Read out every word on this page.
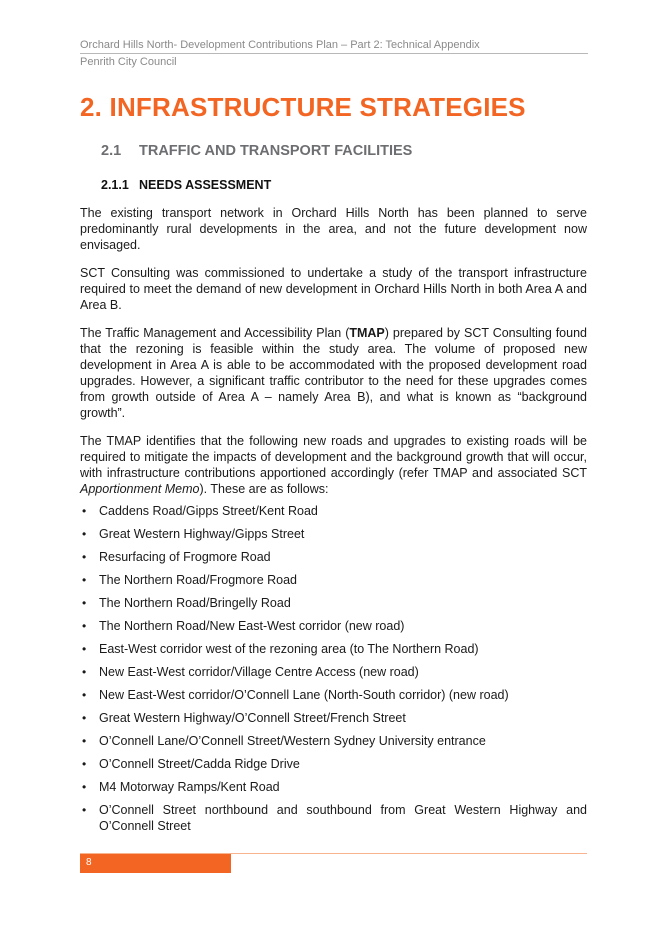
Orchard Hills North- Development Contributions Plan – Part 2: Technical Appendix
Penrith City Council
2. INFRASTRUCTURE STRATEGIES
2.1 TRAFFIC AND TRANSPORT FACILITIES
2.1.1 NEEDS ASSESSMENT

The existing transport network in Orchard Hills North has been planned to serve predominantly rural developments in the area, and not the future development now envisaged.

SCT Consulting was commissioned to undertake a study of the transport infrastructure required to meet the demand of new development in Orchard Hills North in both Area A and Area B.

The Traffic Management and Accessibility Plan (TMAP) prepared by SCT Consulting found that the rezoning is feasible within the study area. The volume of proposed new development in Area A is able to be accommodated with the proposed development road upgrades. However, a significant traffic contributor to the need for these upgrades comes from growth outside of Area A – namely Area B), and what is known as “background growth”.

The TMAP identifies that the following new roads and upgrades to existing roads will be required to mitigate the impacts of development and the background growth that will occur, with infrastructure contributions apportioned accordingly (refer TMAP and associated SCT Apportionment Memo). These are as follows:

• Caddens Road/Gipps Street/Kent Road
• Great Western Highway/Gipps Street
• Resurfacing of Frogmore Road
• The Northern Road/Frogmore Road
• The Northern Road/Bringelly Road
• The Northern Road/New East-West corridor (new road)
• East-West corridor west of the rezoning area (to The Northern Road)
• New East-West corridor/Village Centre Access (new road)
• New East-West corridor/O’Connell Lane (North-South corridor) (new road)
• Great Western Highway/O’Connell Street/French Street
• O’Connell Lane/O’Connell Street/Western Sydney University entrance
• O’Connell Street/Cadda Ridge Drive
• M4 Motorway Ramps/Kent Road
• O’Connell Street northbound and southbound from Great Western Highway and O’Connell Street
8
